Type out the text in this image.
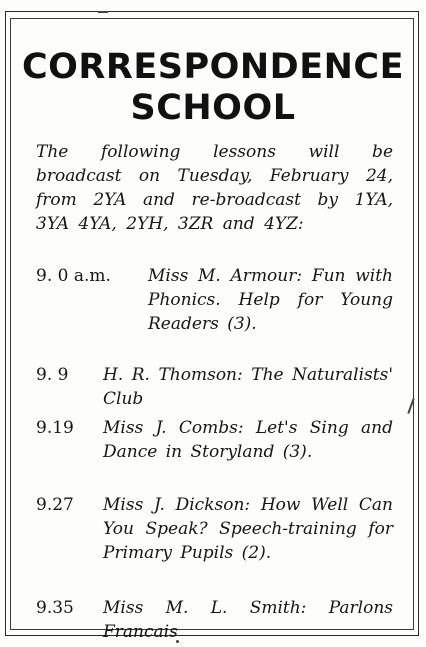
CORRESPONDENCE
SCHOOL

The following lessons will be broadcast on Tuesday, February 24, from 2YA and re-broadcast by 1YA, 3YA 4YA, 2YH, 3ZR and 4YZ:

9. 0 a.m. Miss M. Armour: Fun with Phonics. Help for Young Readers (3).

9. 9 H. R. Thomson: The Naturalists' Club

9.19 Miss J. Combs: Let's Sing and Dance in Storyland (3).

9.27 Miss J. Dickson: How Well Can You Speak? Speech-training for Primary Pupils (2).

9.35 Miss M. L. Smith: Parlons Francais
